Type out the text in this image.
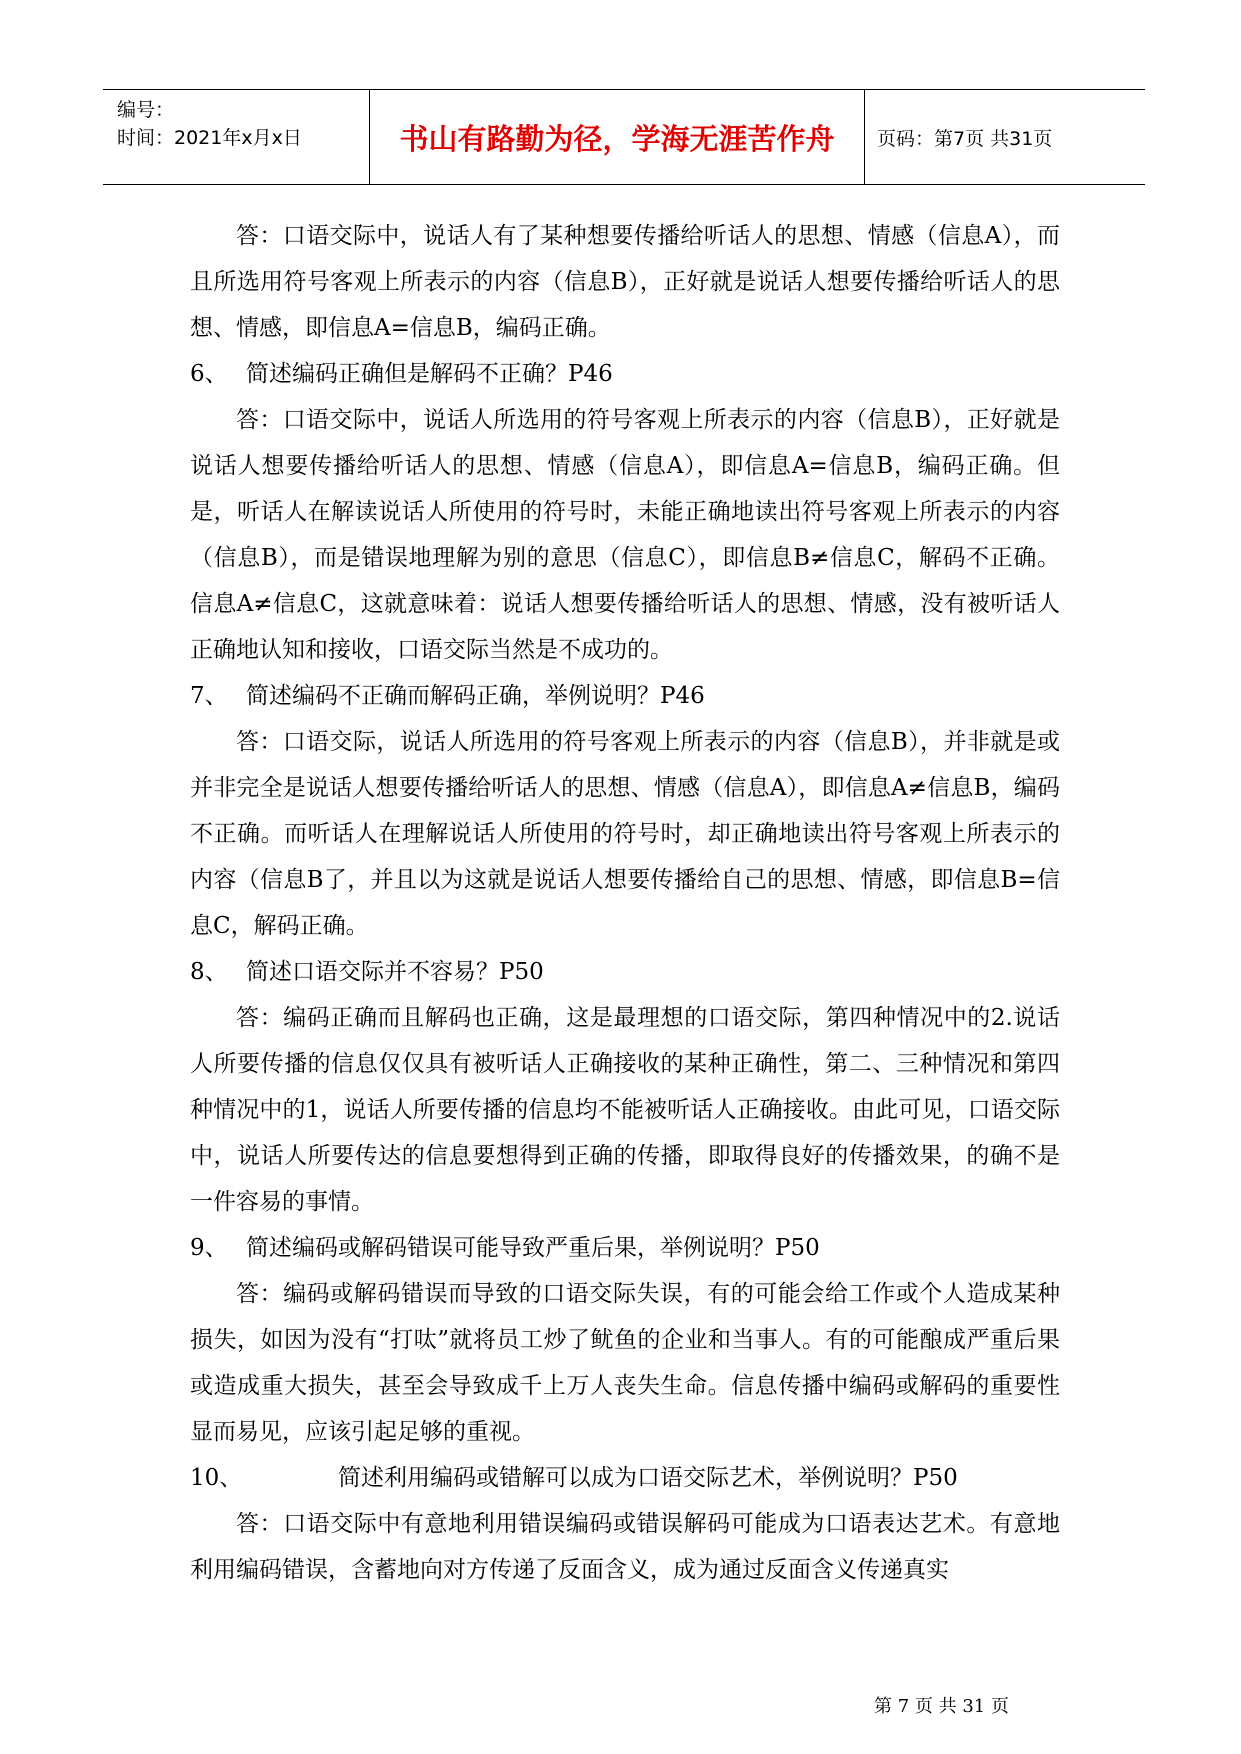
编号：
时间：2021年x月x日	书山有路勤为径，学海无涯苦作舟 页码：第7页 共31页

答：口语交际中，说话人有了某种想要传播给听话人的思想、情感（信息A），而且所选用符号客观上所表示的内容（信息B），正好就是说话人想要传播给听话人的思想、情感，即信息A=信息B，编码正确。

6、 简述编码正确但是解码不正确？P46

答：口语交际中，说话人所选用的符号客观上所表示的内容（信息B），正好就是说话人想要传播给听话人的思想、情感（信息A），即信息A=信息B，编码正确。但是，听话人在解读说话人所使用的符号时，未能正确地读出符号客观上所表示的内容（信息B），而是错误地理解为别的意思（信息C），即信息B≠信息C，解码不正确。信息A≠信息C，这就意味着：说话人想要传播给听话人的思想、情感，没有被听话人正确地认知和接收，口语交际当然是不成功的。

7、 简述编码不正确而解码正确，举例说明？P46

答：口语交际，说话人所选用的符号客观上所表示的内容（信息B），并非就是或并非完全是说话人想要传播给听话人的思想、情感（信息A），即信息A≠信息B，编码不正确。而听话人在理解说话人所使用的符号时，却正确地读出符号客观上所表示的内容（信息B了，并且以为这就是说话人想要传播给自己的思想、情感，即信息B=信息C，解码正确。

8、 简述口语交际并不容易？P50

答：编码正确而且解码也正确，这是最理想的口语交际，第四种情况中的2.说话人所要传播的信息仅仅具有被听话人正确接收的某种正确性，第二、三种情况和第四种情况中的1，说话人所要传播的信息均不能被听话人正确接收。由此可见，口语交际中，说话人所要传达的信息要想得到正确的传播，即取得良好的传播效果，的确不是一件容易的事情。

9、 简述编码或解码错误可能导致严重后果，举例说明？P50

答：编码或解码错误而导致的口语交际失误，有的可能会给工作或个人造成某种损失，如因为没有“打呔”就将员工炒了鱿鱼的企业和当事人。有的可能酿成严重后果或造成重大损失，甚至会导致成千上万人丧失生命。信息传播中编码或解码的重要性显而易见，应该引起足够的重视。

10、	简述利用编码或错解可以成为口语交际艺术，举例说明？P50

答：口语交际中有意地利用错误编码或错误解码可能成为口语表达艺术。有意地利用编码错误，含蓄地向对方传递了反面含义，成为通过反面含义传递真实

第 7 页 共 31 页
